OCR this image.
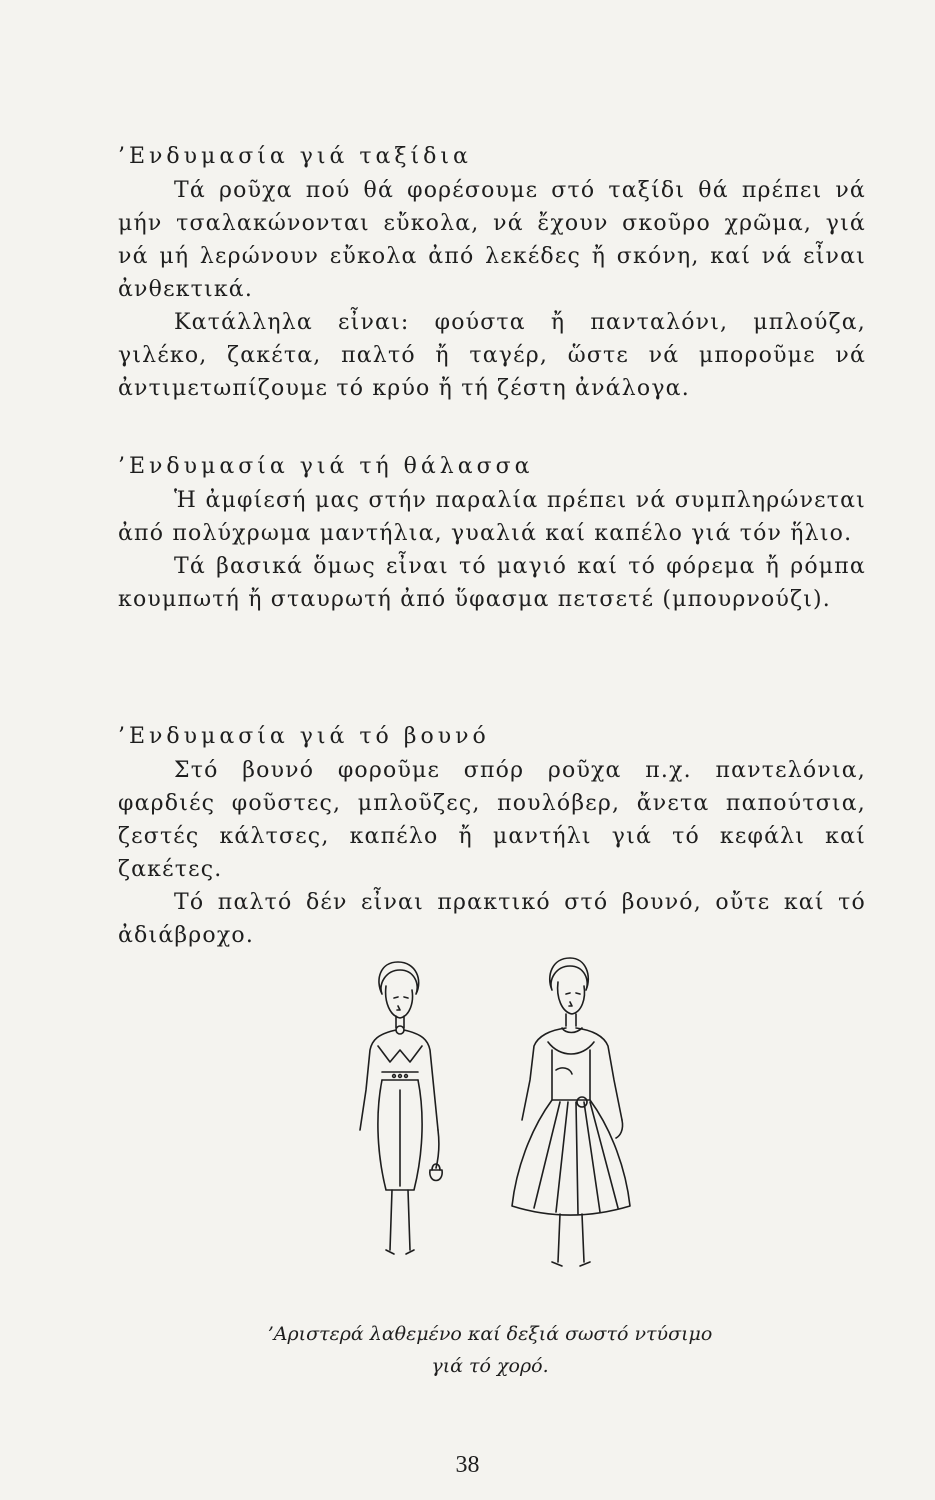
’Ενδυμασία γιά ταξίδια

Τά ροῦχα πού θά φορέσουμε στό ταξίδι θά πρέπει νά μήν τσαλακώνονται εὔκολα, νά ἔχουν σκοῦρο χρῶμα, γιά νά μή λερώνουν εὔκολα ἀπό λεκέδες ἤ σκόνη, καί νά εἶναι ἀνθεκτικά.

Κατάλληλα εἶναι: φούστα ἤ πανταλόνι, μπλούζα, γιλέκο, ζακέτα, παλτό ἤ ταγέρ, ὥστε νά μποροῦμε νά ἀντιμετωπίζουμε τό κρύο ἤ τή ζέστη ἀνάλογα.

’Ενδυμασία γιά τή θάλασσα

Ἡ ἀμφίεσή μας στήν παραλία πρέπει νά συμπληρώνεται ἀπό πολύχρωμα μαντήλια, γυαλιά καί καπέλο γιά τόν ἥλιο.

Τά βασικά ὅμως εἶναι τό μαγιό καί τό φόρεμα ἤ ρόμπα κουμπωτή ἤ σταυρωτή ἀπό ὕφασμα πετσετέ (μπουρνούζι).

’Ενδυμασία γιά τό βουνό

Στό βουνό φοροῦμε σπόρ ροῦχα π.χ. παντελόνια, φαρδιές φοῦστες, μπλοῦζες, πουλόβερ, ἄνετα παπούτσια, ζεστές κάλτσες, καπέλο ἤ μαντήλι γιά τό κεφάλι καί ζακέτες.

Τό παλτό δέν εἶναι πρακτικό στό βουνό, οὔτε καί τό ἀδιάβροχο.

’Αριστερά λαθεμένο καί δεξιά σωστό ντύσιμο
γιά τό χορό.
38
